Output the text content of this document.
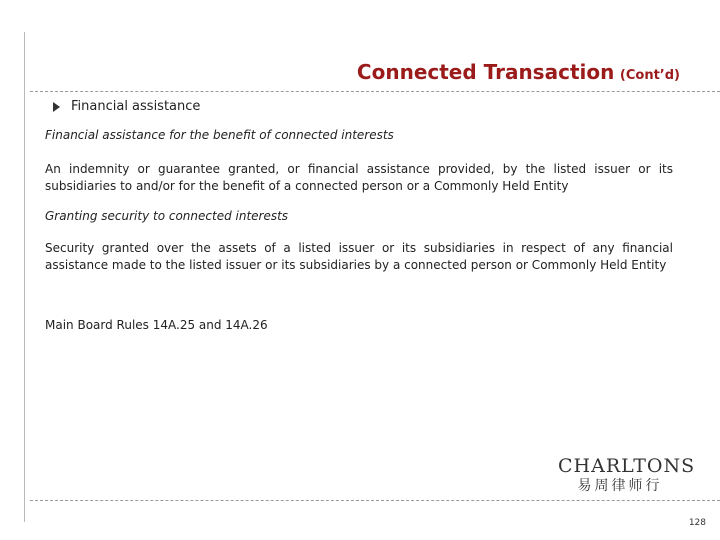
Connected Transaction (Cont’d)
Financial assistance
Financial assistance for the benefit of connected interests
An indemnity or guarantee granted, or financial assistance provided, by the listed issuer or its subsidiaries to and/or for the benefit of a connected person or a Commonly Held Entity
Granting security to connected interests
Security granted over the assets of a listed issuer or its subsidiaries in respect of any financial assistance made to the listed issuer or its subsidiaries by a connected person or Commonly Held Entity
Main Board Rules 14A.25 and 14A.26
CHARLTONS
易周律师行
128
